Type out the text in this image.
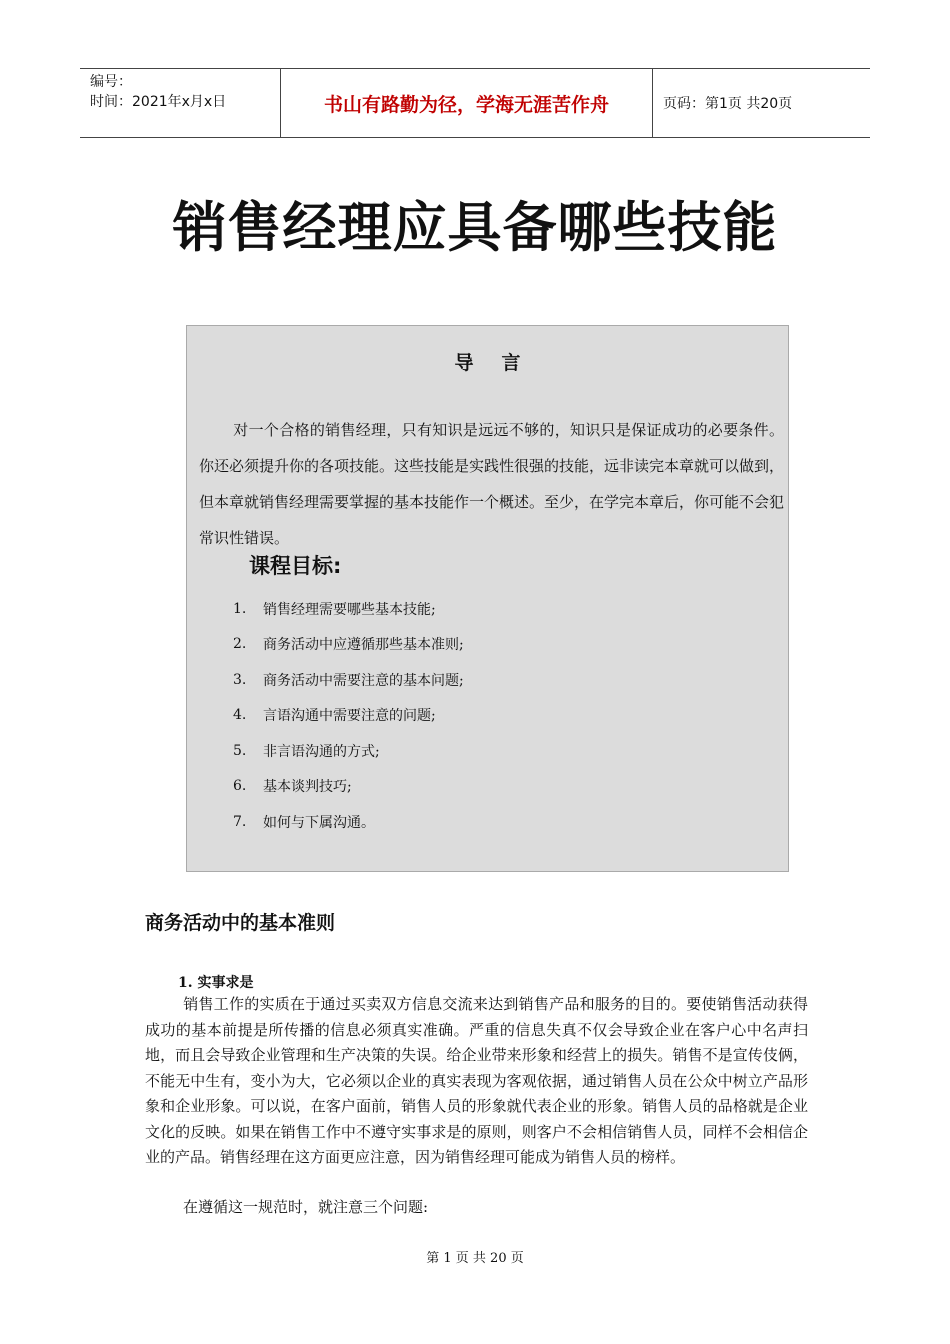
编号：
时间：2021年x月x日	书山有路勤为径，学海无涯苦作舟	页码：第1页 共20页
销售经理应具备哪些技能
导言
对一个合格的销售经理，只有知识是远远不够的，知识只是保证成功的必要条件。你还必须提升你的各项技能。这些技能是实践性很强的技能，远非读完本章就可以做到，但本章就销售经理需要掌握的基本技能作一个概述。至少，在学完本章后，你可能不会犯常识性错误。
课程目标:
1.	销售经理需要哪些基本技能;
2.	商务活动中应遵循那些基本准则;
3.	商务活动中需要注意的基本问题;
4.	言语沟通中需要注意的问题;
5.	非言语沟通的方式;
6.	基本谈判技巧;
7.	如何与下属沟通。
商务活动中的基本准则
1. 实事求是
销售工作的实质在于通过买卖双方信息交流来达到销售产品和服务的目的。要使销售活动获得成功的基本前提是所传播的信息必须真实准确。严重的信息失真不仅会导致企业在客户心中名声扫地，而且会导致企业管理和生产决策的失误。给企业带来形象和经营上的损失。销售不是宣传伎俩，不能无中生有，变小为大，它必须以企业的真实表现为客观依据，通过销售人员在公众中树立产品形象和企业形象。可以说，在客户面前，销售人员的形象就代表企业的形象。销售人员的品格就是企业文化的反映。如果在销售工作中不遵守实事求是的原则，则客户不会相信销售人员，同样不会相信企业的产品。销售经理在这方面更应注意，因为销售经理可能成为销售人员的榜样。
在遵循这一规范时，就注意三个问题:
第 1 页 共 20 页
